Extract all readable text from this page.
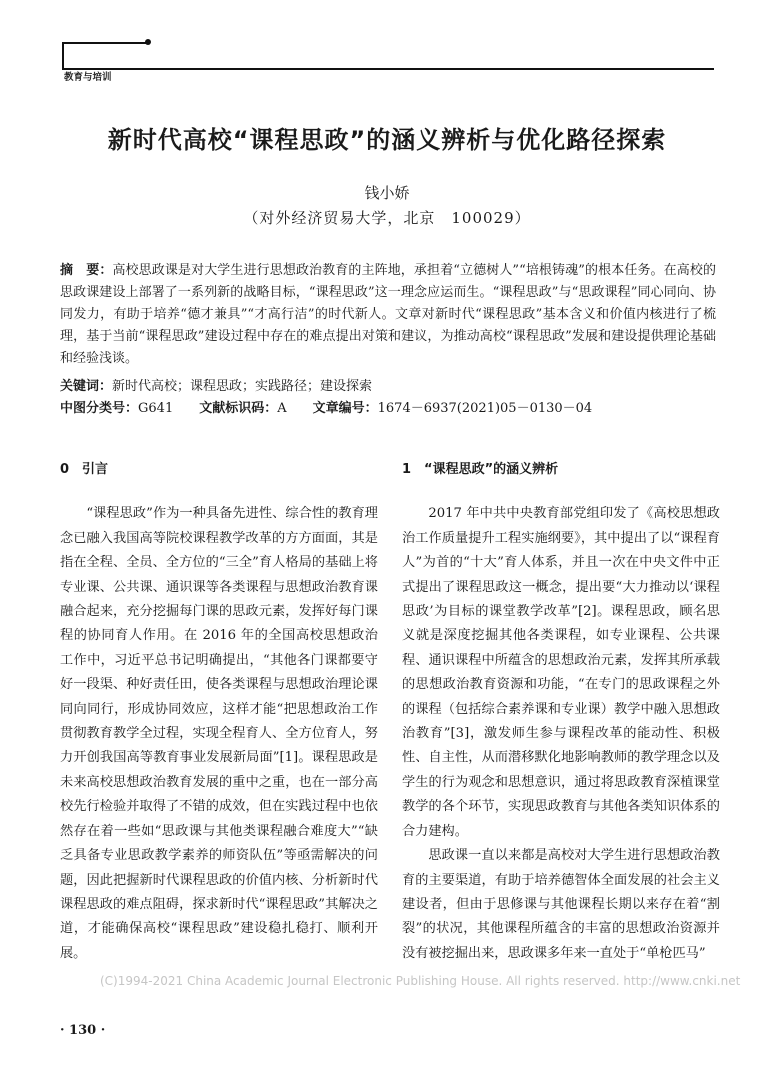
教育与培训
新时代高校“课程思政”的涵义辨析与优化路径探索
钱小娇
（对外经济贸易大学，北京　100029）
摘　要：高校思政课是对大学生进行思想政治教育的主阵地，承担着“立德树人”“培根铸魂”的根本任务。在高校的思政课建设上部署了一系列新的战略目标，“课程思政”这一理念应运而生。“课程思政”与“思政课程”同心同向、协同发力，有助于培养“德才兼具”“才高行洁”的时代新人。文章对新时代“课程思政”基本含义和价值内核进行了梳理，基于当前“课程思政”建设过程中存在的难点提出对策和建议，为推动高校“课程思政”发展和建设提供理论基础和经验浅谈。
关键词：新时代高校；课程思政；实践路径；建设探索
中图分类号：G641 文献标识码：A 文章编号：1674－6937(2021)05－0130－04
0　引言

“课程思政”作为一种具备先进性、综合性的教育理念已融入我国高等院校课程教学改革的方方面面，其是指在全程、全员、全方位的“三全”育人格局的基础上将专业课、公共课、通识课等各类课程与思想政治教育课融合起来，充分挖掘每门课的思政元素，发挥好每门课程的协同育人作用。在 2016 年的全国高校思想政治工作中，习近平总书记明确提出，“其他各门课都要守好一段渠、种好责任田，使各类课程与思想政治理论课同向同行，形成协同效应，这样才能“把思想政治工作贯彻教育教学全过程，实现全程育人、全方位育人，努力开创我国高等教育事业发展新局面”[1]。课程思政是未来高校思想政治教育发展的重中之重，也在一部分高校先行检验并取得了不错的成效，但在实践过程中也依然存在着一些如“思政课与其他类课程融合难度大”“缺乏具备专业思政教学素养的师资队伍”等亟需解决的问题，因此把握新时代课程思政的价值内核、分析新时代课程思政的难点阻碍，探求新时代“课程思政”其解决之道，才能确保高校“课程思政”建设稳扎稳打、顺利开展。

1　“课程思政”的涵义辨析

2017 年中共中央教育部党组印发了《高校思想政治工作质量提升工程实施纲要》，其中提出了以“课程育人”为首的“十大”育人体系，并且一次在中央文件中正式提出了课程思政这一概念，提出要“大力推动以‘课程思政’为目标的课堂教学改革”[2]。课程思政，顾名思义就是深度挖掘其他各类课程，如专业课程、公共课程、通识课程中所蕴含的思想政治元素，发挥其所承载的思想政治教育资源和功能，“在专门的思政课程之外的课程（包括综合素养课和专业课）教学中融入思想政治教育”[3]，激发师生参与课程改革的能动性、积极性、自主性，从而潜移默化地影响教师的教学理念以及学生的行为观念和思想意识，通过将思政教育深植课堂教学的各个环节，实现思政教育与其他各类知识体系的合力建构。

思政课一直以来都是高校对大学生进行思想政治教育的主要渠道，有助于培养德智体全面发展的社会主义建设者，但由于思修课与其他课程长期以来存在着“割裂”的状况，其他课程所蕴含的丰富的思想政治资源并没有被挖掘出来，思政课多年来一直处于“单枪匹马”

(C)1994-2021 China Academic Journal Electronic Publishing House. All rights reserved. http://www.cnki.net
· 130 ·
